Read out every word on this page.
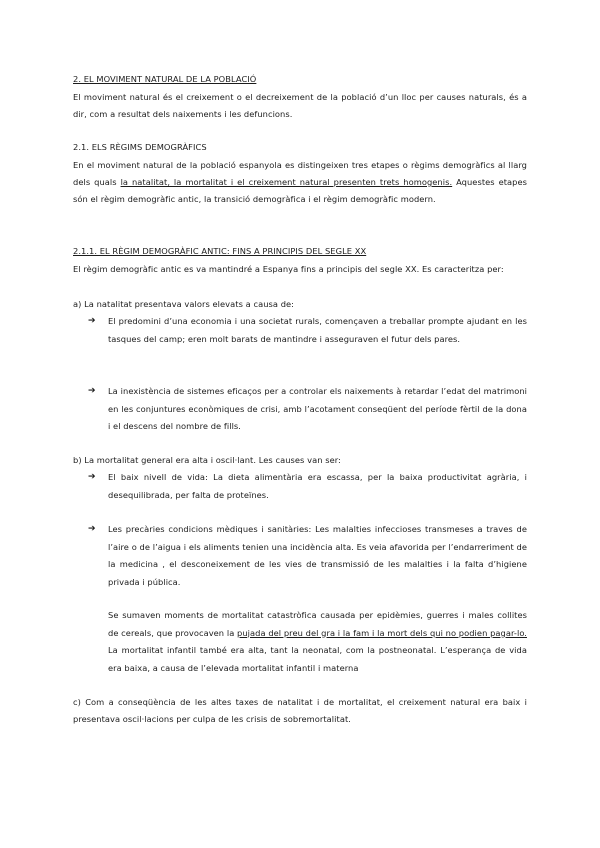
2. EL MOVIMENT NATURAL DE LA POBLACIÓ
El moviment natural és el creixement o el decreixement de la població d’un lloc per causes naturals, és a dir, com a resultat dels naixements i les defuncions.
2.1. ELS RÈGIMS DEMOGRÀFICS
En el moviment natural de la població espanyola es distingeixen tres etapes o règims demogràfics al llarg dels quals la natalitat, la mortalitat i el creixement natural presenten trets homogenis. Aquestes etapes són el règim demogràfic antic, la transició demogràfica i el règim demogràfic modern.
2.1.1. EL RÈGIM DEMOGRÀFIC ANTIC: FINS A PRINCIPIS DEL SEGLE XX
El règim demogràfic antic es va mantindré a Espanya fins a principis del segle XX. Es caracteritza per:
a) La natalitat presentava valors elevats a causa de:
➔	El predomini d’una economia i una societat rurals, començaven a treballar prompte ajudant en les tasques del camp; eren molt barats de mantindre i asseguraven el futur dels pares.
➔	La inexistència de sistemes eficaços per a controlar els naixements à retardar l’edat del matrimoni en les conjuntures econòmiques de crisi, amb l’acotament conseqüent del període fèrtil de la dona i el descens del nombre de fills.
b) La mortalitat general era alta i oscil·lant. Les causes van ser:
➔	El baix nivell de vida: La dieta alimentària era escassa, per la baixa productivitat agrària, i desequilibrada, per falta de proteïnes.
➔	Les precàries condicions mèdiques i sanitàries: Les malalties infeccioses transmeses a traves de l’aire o de l’aigua i els aliments tenien una incidència alta. Es veia afavorida per l’endarreriment de la medicina , el desconeixement de les vies de transmissió de les malalties i la falta d’higiene privada i pública.
Se sumaven moments de mortalitat catastròfica causada per epidèmies, guerres i males collites de cereals, que provocaven la pujada del preu del gra i la fam i la mort dels qui no podien pagar-lo. La mortalitat infantil també era alta, tant la neonatal, com la postneonatal. L’esperança de vida era baixa, a causa de l’elevada mortalitat infantil i materna
c) Com a conseqüència de les altes taxes de natalitat i de mortalitat, el creixement natural era baix i presentava oscil·lacions per culpa de les crisis de sobremortalitat.
